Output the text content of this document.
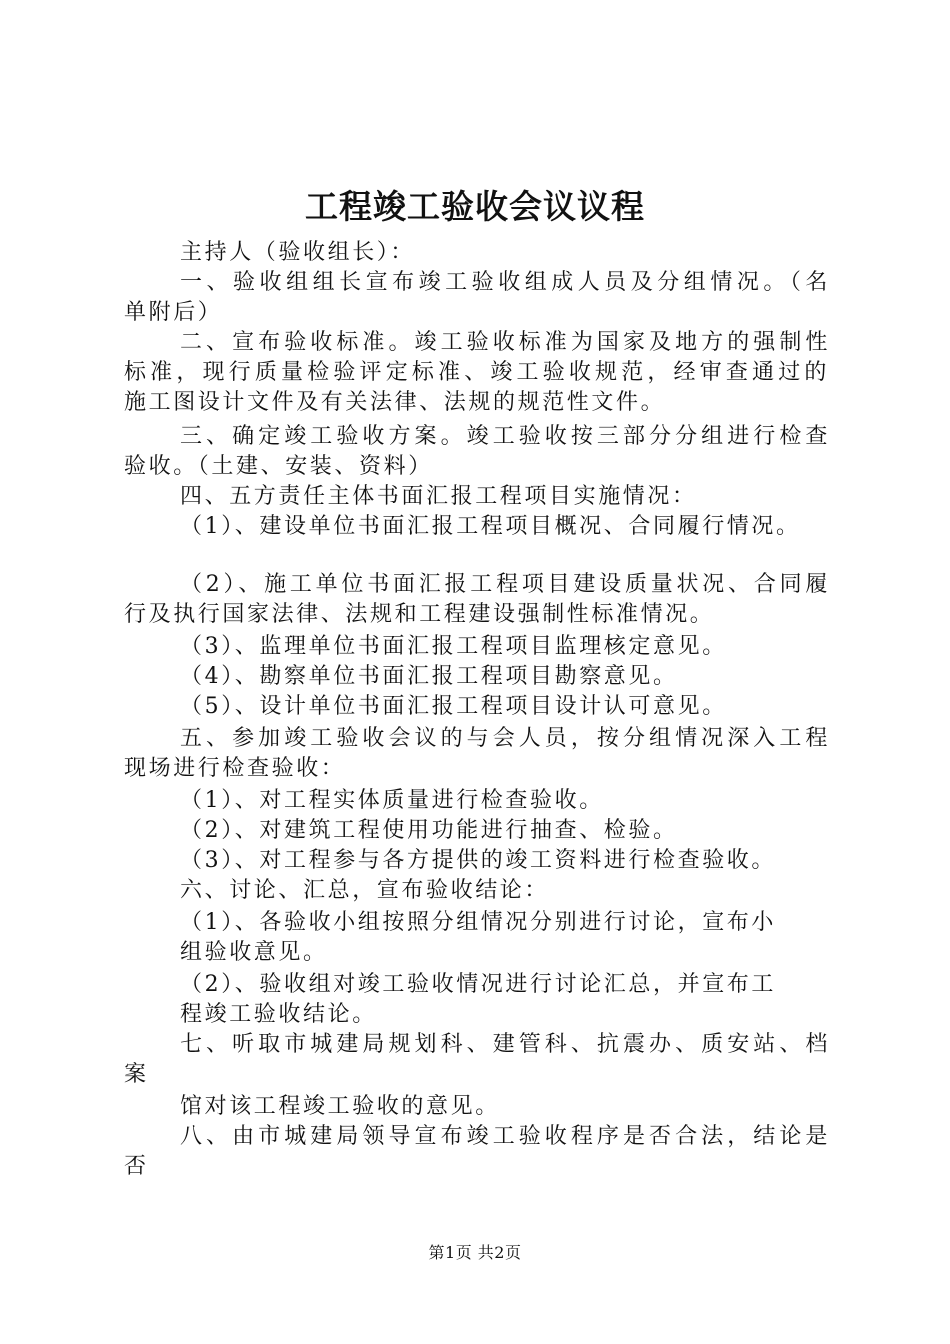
工程竣工验收会议议程

主持人（验收组长）：

一、验收组组长宣布竣工验收组成人员及分组情况。（名

单附后）

二、宣布验收标准。竣工验收标准为国家及地方的强制性

标准，现行质量检验评定标准、竣工验收规范，经审查通过的

施工图设计文件及有关法律、法规的规范性文件。

三、确定竣工验收方案。竣工验收按三部分分组进行检查

验收。（土建、安装、资料）

四、五方责任主体书面汇报工程项目实施情况：

（1）、建设单位书面汇报工程项目概况、合同履行情况。

（2）、施工单位书面汇报工程项目建设质量状况、合同履

行及执行国家法律、法规和工程建设强制性标准情况。

（3）、监理单位书面汇报工程项目监理核定意见。

（4）、勘察单位书面汇报工程项目勘察意见。

（5）、设计单位书面汇报工程项目设计认可意见。

五、参加竣工验收会议的与会人员，按分组情况深入工程

现场进行检查验收：

（1）、对工程实体质量进行检查验收。

（2）、对建筑工程使用功能进行抽查、检验。

（3）、对工程参与各方提供的竣工资料进行检查验收。

六、讨论、汇总，宣布验收结论：

（1）、各验收小组按照分组情况分别进行讨论，宣布小

组验收意见。

（2）、验收组对竣工验收情况进行讨论汇总，并宣布工

程竣工验收结论。

七、听取市城建局规划科、建管科、抗震办、质安站、档

案

馆对该工程竣工验收的意见。

八、由市城建局领导宣布竣工验收程序是否合法，结论是

否

第1页 共2页
